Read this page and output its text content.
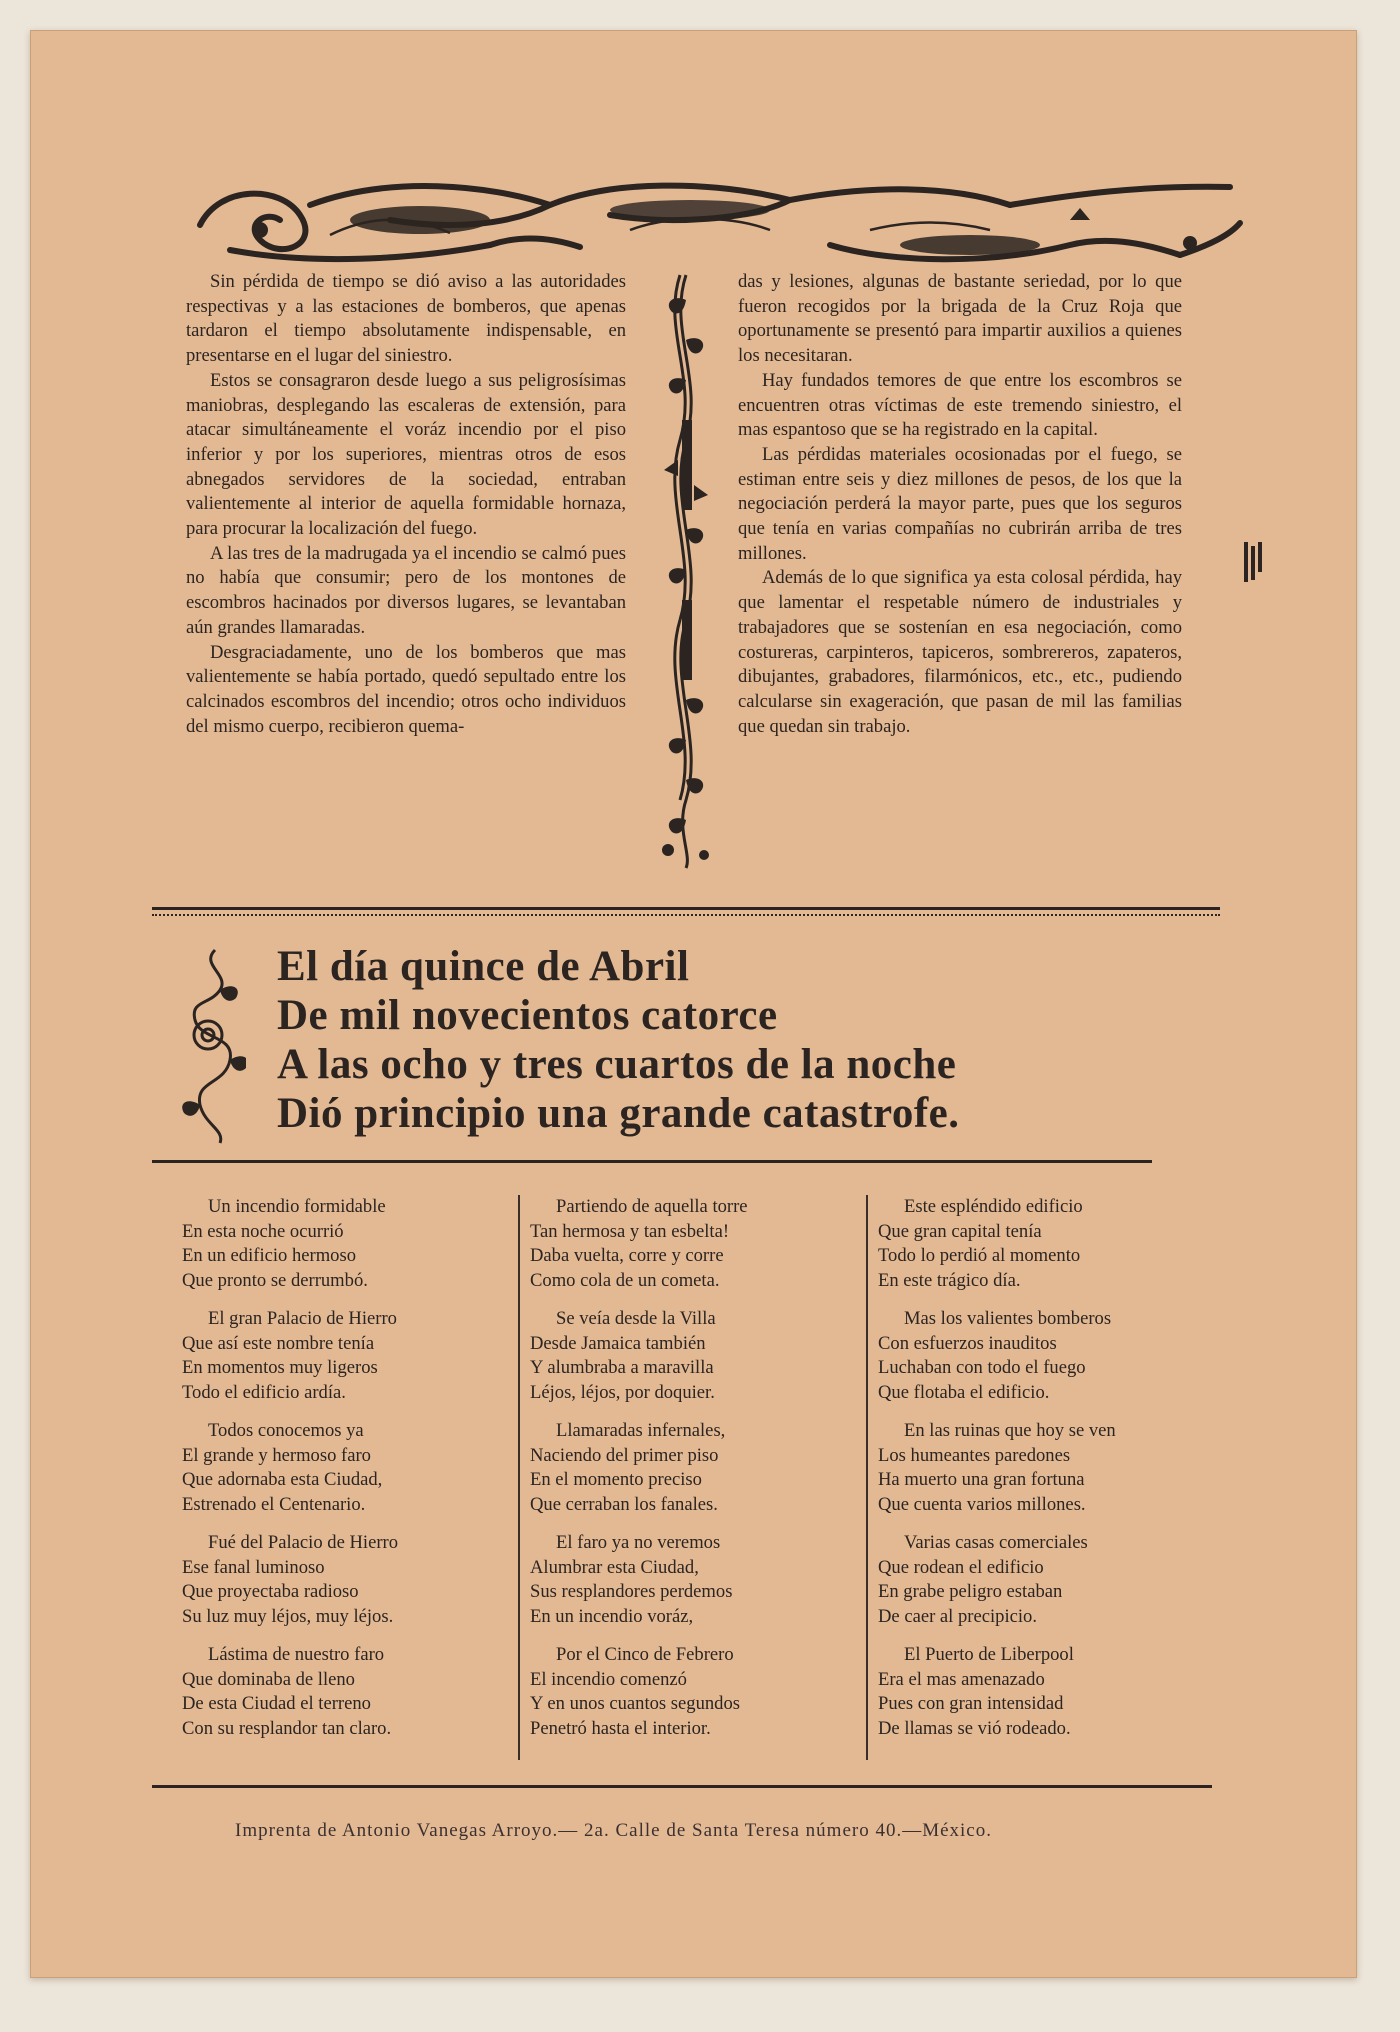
Sin pérdida de tiempo se dió aviso a las autoridades respectivas y a las estaciones de bomberos, que apenas tardaron el tiempo absolutamente indispensable, en presentarse en el lugar del siniestro.

Estos se consagraron desde luego a sus peligrosísimas maniobras, desplegando las escaleras de extensión, para atacar simultáneamente el voráz incendio por el piso inferior y por los superiores, mientras otros de esos abnegados servidores de la sociedad, entraban valientemente al interior de aquella formidable hornaza, para procurar la localización del fuego.

A las tres de la madrugada ya el incendio se calmó pues no había que consumir; pero de los montones de escombros hacinados por diversos lugares, se levantaban aún grandes llamaradas.

Desgraciadamente, uno de los bomberos que mas valientemente se había portado, quedó sepultado entre los calcinados escombros del incendio; otros ocho individuos del mismo cuerpo, recibieron quema-

das y lesiones, algunas de bastante seriedad, por lo que fueron recogidos por la brigada de la Cruz Roja que oportunamente se presentó para impartir auxilios a quienes los necesitaran.

Hay fundados temores de que entre los escombros se encuentren otras víctimas de este tremendo siniestro, el mas espantoso que se ha registrado en la capital.

Las pérdidas materiales ocosionadas por el fuego, se estiman entre seis y diez millones de pesos, de los que la negociación perderá la mayor parte, pues que los seguros que tenía en varias compañías no cubrirán arriba de tres millones.

Además de lo que significa ya esta colosal pérdida, hay que lamentar el respetable número de industriales y trabajadores que se sostenían en esa negociación, como costureras, carpinteros, tapiceros, sombrereros, zapateros, dibujantes, grabadores, filarmónicos, etc., etc., pudiendo calcularse sin exageración, que pasan de mil las familias que quedan sin trabajo.

El día quince de Abril
De mil novecientos catorce
A las ocho y tres cuartos de la noche
Dió principio una grande catastrofe.
Un incendio formidable
En esta noche ocurrió
En un edificio hermoso
Que pronto se derrumbó.
El gran Palacio de Hierro
Que así este nombre tenía
En momentos muy ligeros
Todo el edificio ardía.
Todos conocemos ya
El grande y hermoso faro
Que adornaba esta Ciudad,
Estrenado el Centenario.
Fué del Palacio de Hierro
Ese fanal luminoso
Que proyectaba radioso
Su luz muy léjos, muy léjos.
Lástima de nuestro faro
Que dominaba de lleno
De esta Ciudad el terreno
Con su resplandor tan claro.
Partiendo de aquella torre
Tan hermosa y tan esbelta!
Daba vuelta, corre y corre
Como cola de un cometa.
Se veía desde la Villa
Desde Jamaica también
Y alumbraba a maravilla
Léjos, léjos, por doquier.
Llamaradas infernales,
Naciendo del primer piso
En el momento preciso
Que cerraban los fanales.
El faro ya no veremos
Alumbrar esta Ciudad,
Sus resplandores perdemos
En un incendio voráz,
Por el Cinco de Febrero
El incendio comenzó
Y en unos cuantos segundos
Penetró hasta el interior.
Este espléndido edificio
Que gran capital tenía
Todo lo perdió al momento
En este trágico día.
Mas los valientes bomberos
Con esfuerzos inauditos
Luchaban con todo el fuego
Que flotaba el edificio.
En las ruinas que hoy se ven
Los humeantes paredones
Ha muerto una gran fortuna
Que cuenta varios millones.
Varias casas comerciales
Que rodean el edificio
En grabe peligro estaban
De caer al precipicio.
El Puerto de Liberpool
Era el mas amenazado
Pues con gran intensidad
De llamas se vió rodeado.
Imprenta de Antonio Vanegas Arroyo.— 2a. Calle de Santa Teresa número 40.—México.
